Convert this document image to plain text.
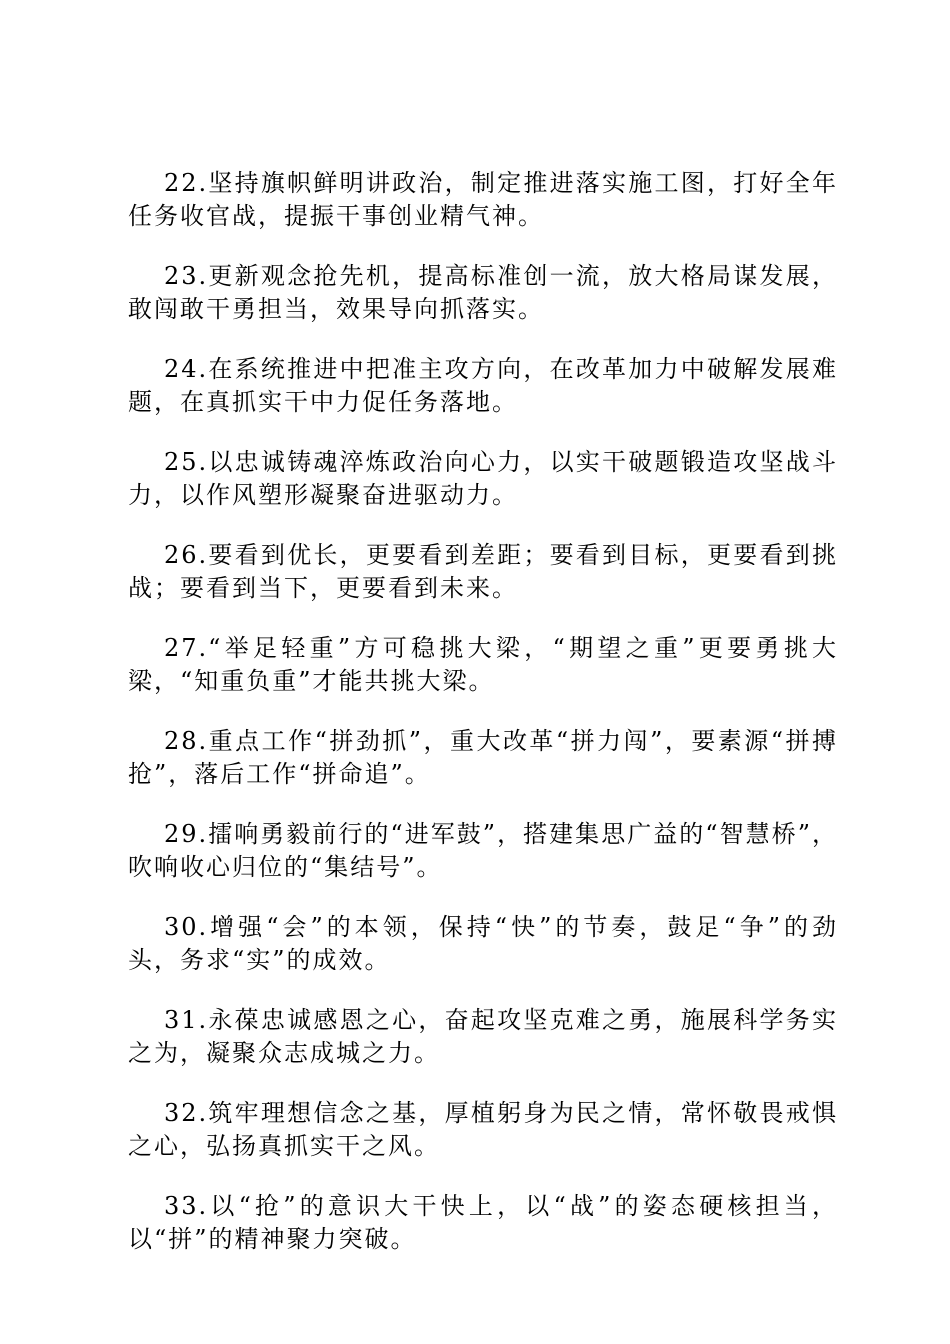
22.坚持旗帜鲜明讲政治，制定推进落实施工图，打好全年任务收官战，提振干事创业精气神。

23.更新观念抢先机，提高标准创一流，放大格局谋发展，敢闯敢干勇担当，效果导向抓落实。

24.在系统推进中把准主攻方向，在改革加力中破解发展难题，在真抓实干中力促任务落地。

25.以忠诚铸魂淬炼政治向心力，以实干破题锻造攻坚战斗力，以作风塑形凝聚奋进驱动力。

26.要看到优长，更要看到差距；要看到目标，更要看到挑战；要看到当下，更要看到未来。

27.“举足轻重”方可稳挑大梁，“期望之重”更要勇挑大梁，“知重负重”才能共挑大梁。

28.重点工作“拼劲抓”，重大改革“拼力闯”，要素源“拼搏抢”，落后工作“拼命追”。

29.擂响勇毅前行的“进军鼓”，搭建集思广益的“智慧桥”，吹响收心归位的“集结号”。

30.增强“会”的本领，保持“快”的节奏，鼓足“争”的劲头，务求“实”的成效。

31.永葆忠诚感恩之心，奋起攻坚克难之勇，施展科学务实之为，凝聚众志成城之力。

32.筑牢理想信念之基，厚植躬身为民之情，常怀敬畏戒惧之心，弘扬真抓实干之风。

33.以“抢”的意识大干快上，以“战”的姿态硬核担当，以“拼”的精神聚力突破。
